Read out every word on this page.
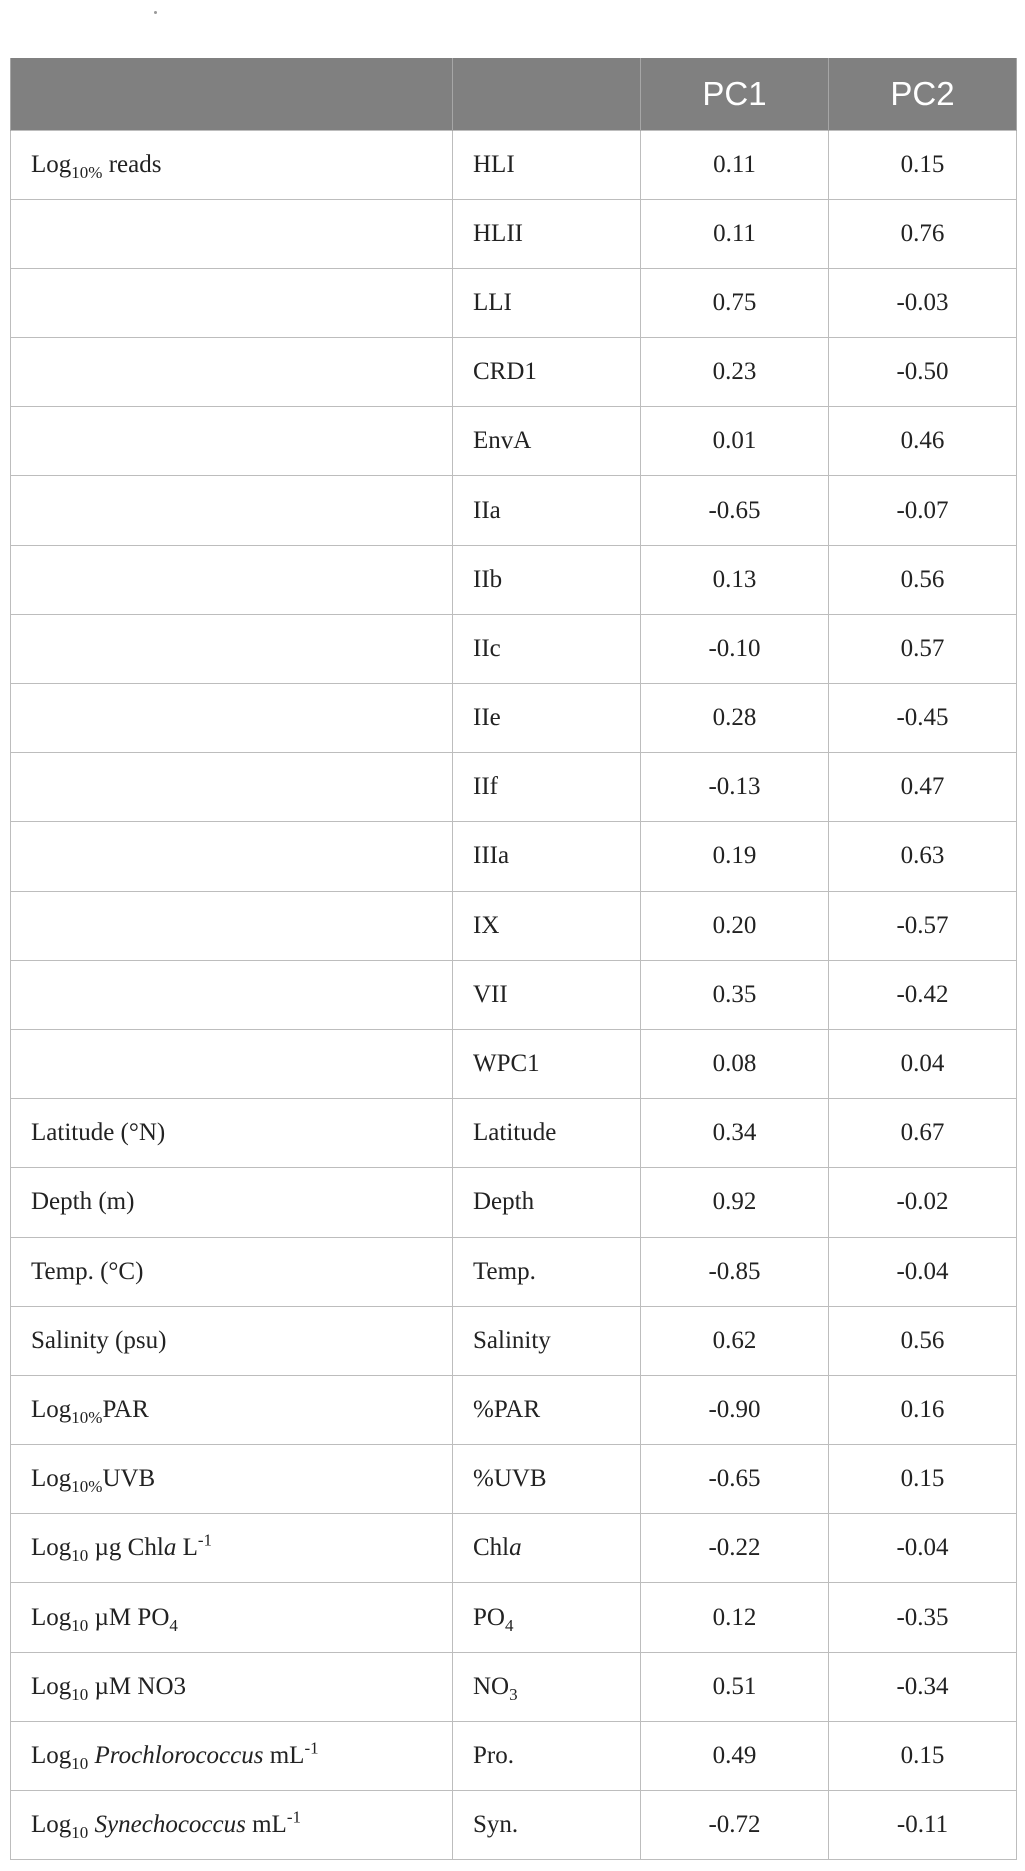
		PC1	PC2
Log$_{10\%}$ reads	HLI	0.11	0.15
	HLII	0.11	0.76
	LLI	0.75	-0.03
	CRD1	0.23	-0.50
	EnvA	0.01	0.46
	IIa	-0.65	-0.07
	IIb	0.13	0.56
	IIc	-0.10	0.57
	IIe	0.28	-0.45
	IIf	-0.13	0.47
	IIIa	0.19	0.63
	IX	0.20	-0.57
	VII	0.35	-0.42
	WPC1	0.08	0.04
Latitude (°N)	Latitude	0.34	0.67
Depth (m)	Depth	0.92	-0.02
Temp. (°C)	Temp.	-0.85	-0.04
Salinity (psu)	Salinity	0.62	0.56
Log$_{10\%}$PAR	%PAR	-0.90	0.16
Log$_{10\%}$UVB	%UVB	-0.65	0.15
Log$_{10}$ µg Chla $L^{-1}$	Chla	-0.22	-0.04
Log$_{10}$ µM $PO_4$	$PO_4$	0.12	-0.35
Log$_{10}$ µM NO3	$NO_3$	0.51	-0.34
Log$_{10}$ Prochlorococcus $mL^{-1}$	Pro.	0.49	0.15
Log$_{10}$ Synechococcus $mL^{-1}$	Syn.	-0.72	-0.11
